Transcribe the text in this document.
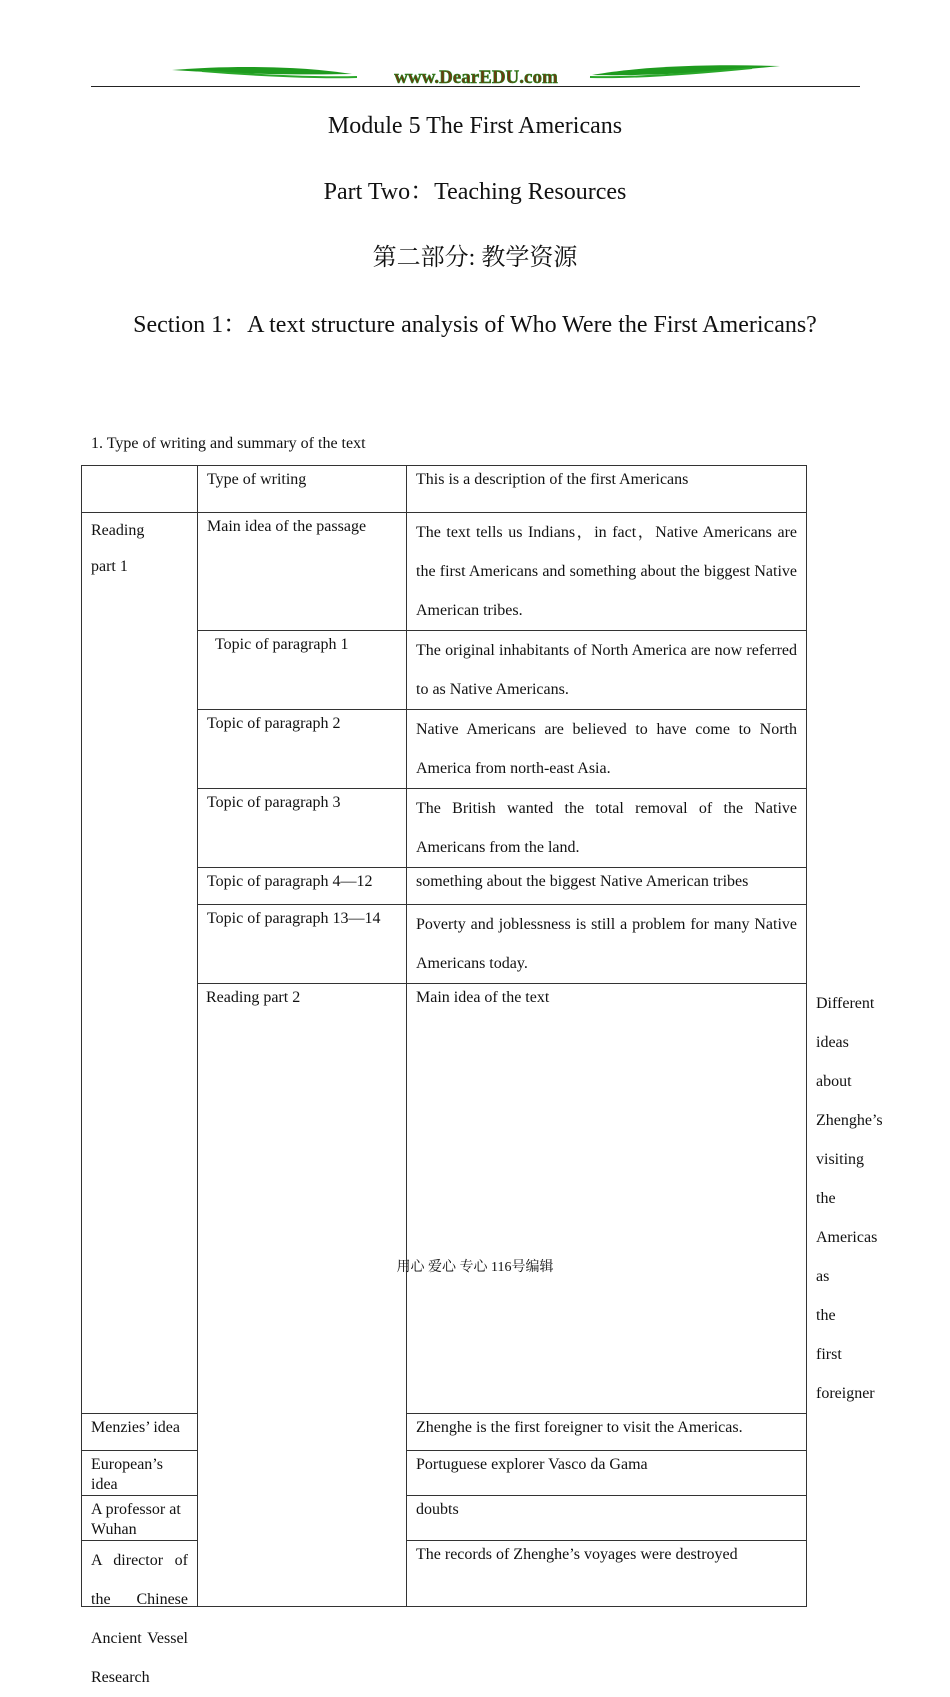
www.DearEDU.com
Module 5 The First Americans
Part Two：Teaching Resources
第二部分: 教学资源
Section 1：A text structure analysis of Who Were the First Americans?
1. Type of writing and summary of the text
	Type of writing	This is a description of the first Americans	

Reading
part 1	Main idea of the passage	The text tells us Indians，in fact，Native Americans are the first Americans and something about the biggest Native American tribes.	
	Topic of paragraph 1	The original inhabitants of North America are now referred to as Native Americans.	
	Topic of paragraph 2	Native Americans are believed to have come to North America from north-east Asia.	
	Topic of paragraph 3	The British wanted the total removal of the Native Americans from the land.	
	Topic of paragraph 4—12	something about the biggest Native American tribes	
	Topic of paragraph 13—14	Poverty and joblessness is still a problem for many Native Americans today.	
	Reading part 2	Main idea of the text	Different ideas about Zhenghe’s visiting the Americas as the first foreigner
Menzies’ idea		Zhenghe is the first foreigner to visit the Americas.	
European’s idea		Portuguese explorer Vasco da Gama	
A professor at Wuhan		doubts	

A director of the Chinese
Ancient Vessel Research		The records of Zhenghe’s voyages were destroyed	
用心 爱心 专心 116号编辑
